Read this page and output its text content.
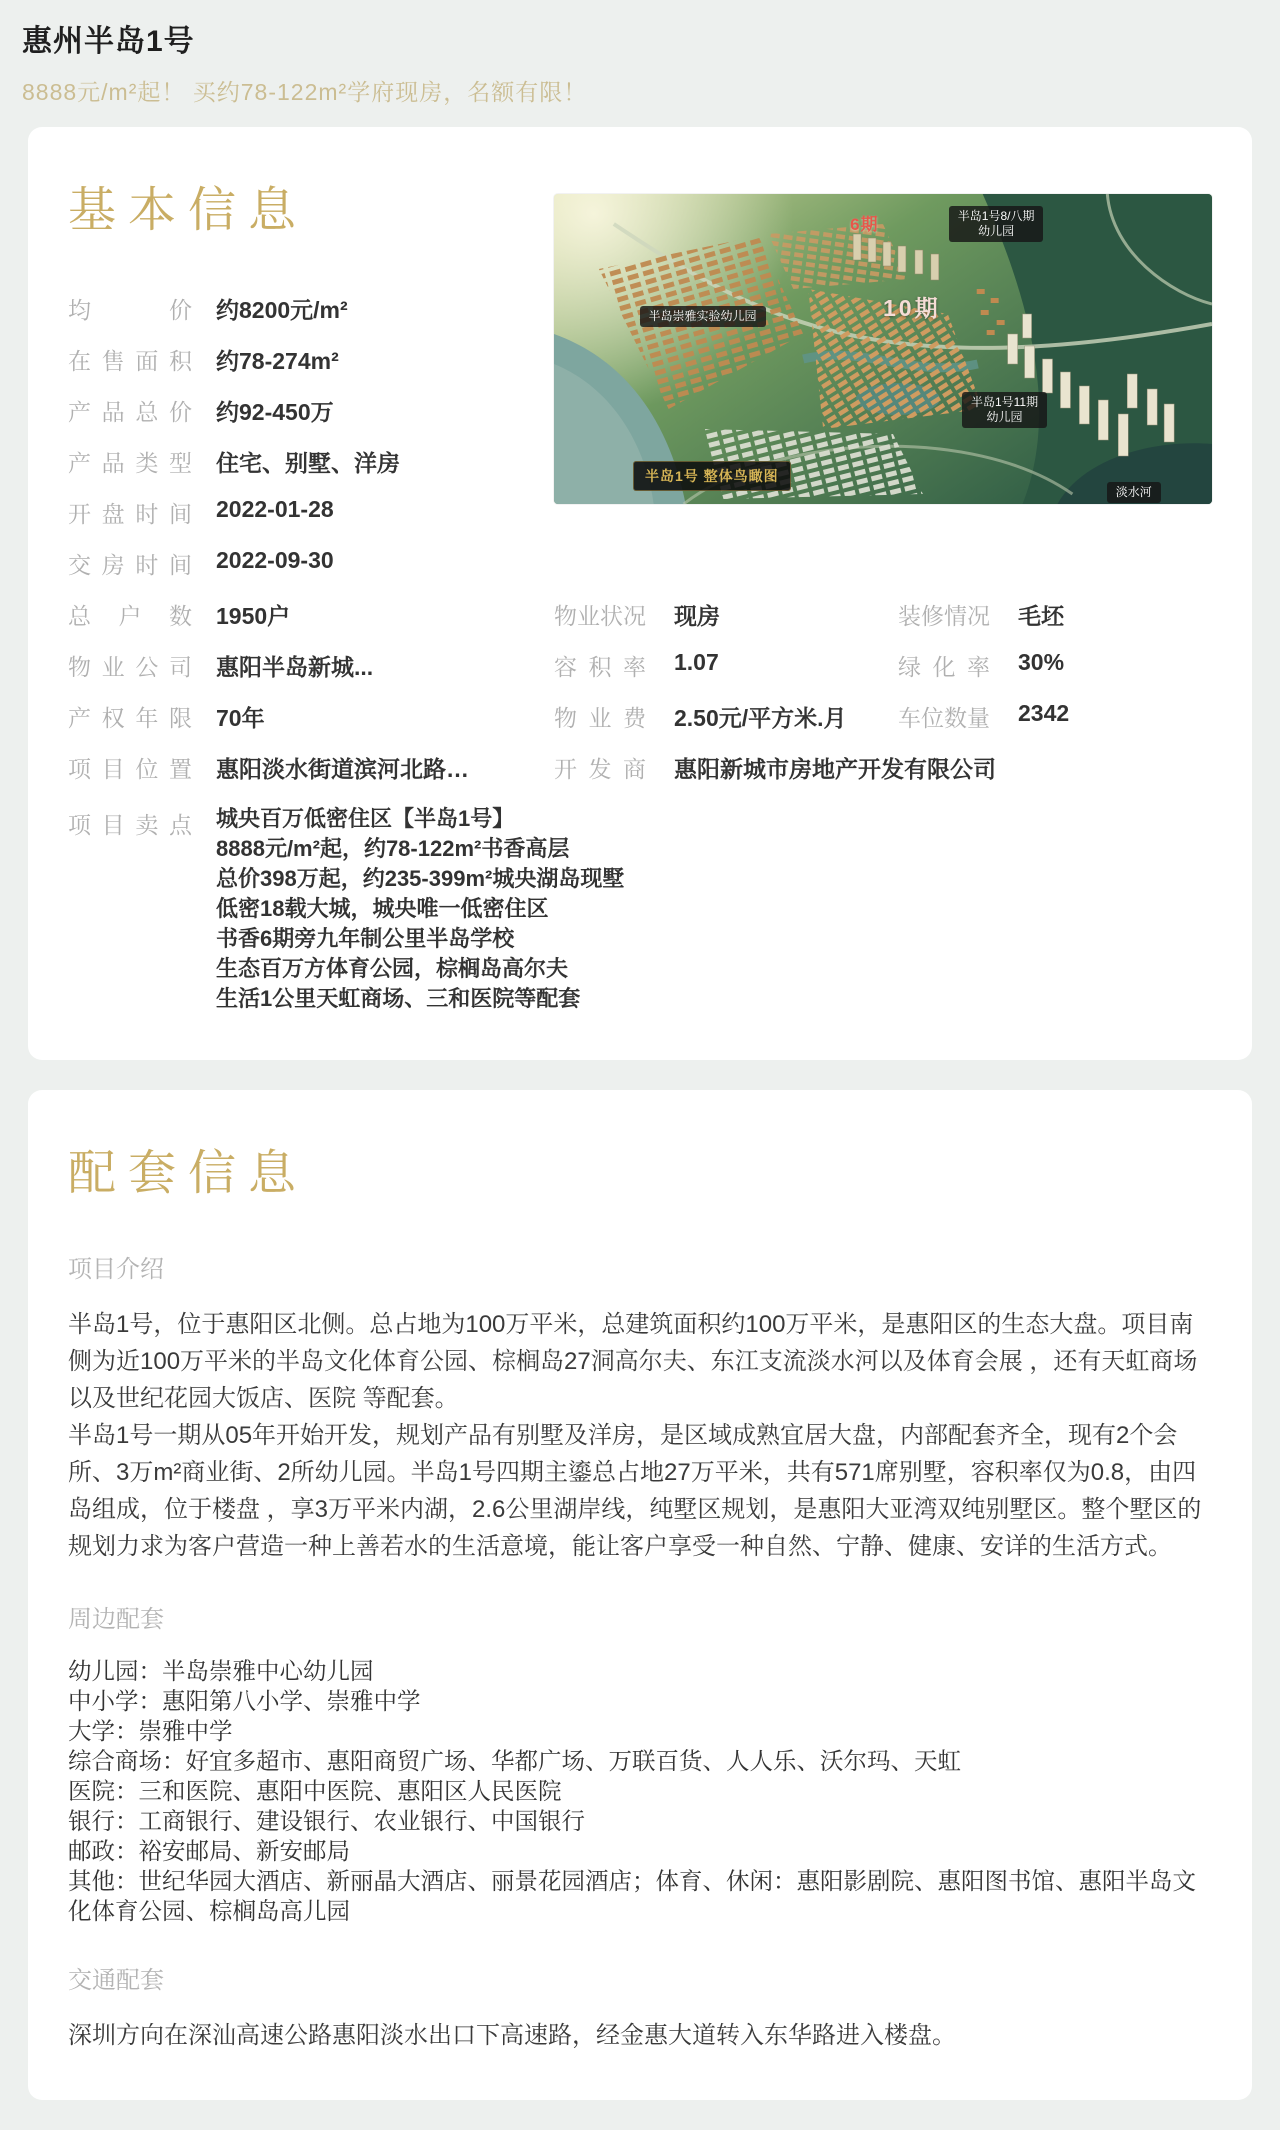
惠州半岛1号
8888元/m²起！ 买约78-122m²学府现房，名额有限！
基本信息
均价 约8200元/m²
在售面积 约78-274m²
产品总价 约92-450万
产品类型 住宅、别墅、洋房
开盘时间 2022-01-28
交房时间 2022-09-30
6期	半岛1号8/八期
幼儿园
10期
半岛崇雅实验幼儿园
半岛1号11期
幼儿园
淡水河
半岛1号 整体鸟瞰图
总户数 1950户
物业公司 惠阳半岛新城...
产权年限 70年
项目位置 惠阳淡水街道滨河北路…
物业状况 现房
容积率 1.07
物业费 2.50元/平方米.月
开发商 惠阳新城市房地产开发有限公司
装修情况 毛坯
绿化率 30%
车位数量 2342
项目卖点 城央百万低密住区【半岛1号】
8888元/m²起，约78-122m²书香高层
总价398万起，约235-399m²城央湖岛现墅
低密18载大城，城央唯一低密住区
书香6期旁九年制公里半岛学校
生态百万方体育公园，棕榈岛高尔夫
生活1公里天虹商场、三和医院等配套
配套信息
项目介绍

半岛1号，位于惠阳区北侧。总占地为100万平米，总建筑面积约100万平米，是惠阳区的生态大盘。项目南侧为近100万平米的半岛文化体育公园、棕榈岛27洞高尔夫、东江支流淡水河以及体育会展 ，还有天虹商场以及世纪花园大饭店、医院 等配套。

半岛1号一期从05年开始开发，规划产品有别墅及洋房，是区域成熟宜居大盘，内部配套齐全，现有2个会所、3万m²商业街、2所幼儿园。半岛1号四期主鎏总占地27万平米，共有571席别墅，容积率仅为0.8，由四岛组成，位于楼盘 ，享3万平米内湖，2.6公里湖岸线，纯墅区规划，是惠阳大亚湾双纯别墅区。整个墅区的规划力求为客户营造一种上善若水的生活意境，能让客户享受一种自然、宁静、健康、安详的生活方式。

周边配套
幼儿园：半岛崇雅中心幼儿园
中小学：惠阳第八小学、崇雅中学
大学：崇雅中学
综合商场：好宜多超市、惠阳商贸广场、华都广场、万联百货、人人乐、沃尔玛、天虹
医院：三和医院、惠阳中医院、惠阳区人民医院
银行：工商银行、建设银行、农业银行、中国银行
邮政：裕安邮局、新安邮局
其他：世纪华园大酒店、新丽晶大酒店、丽景花园酒店；体育、休闲：惠阳影剧院、惠阳图书馆、惠阳半岛文化体育公园、棕榈岛高儿园
交通配套

深圳方向在深汕高速公路惠阳淡水出口下高速路，经金惠大道转入东华路进入楼盘。
